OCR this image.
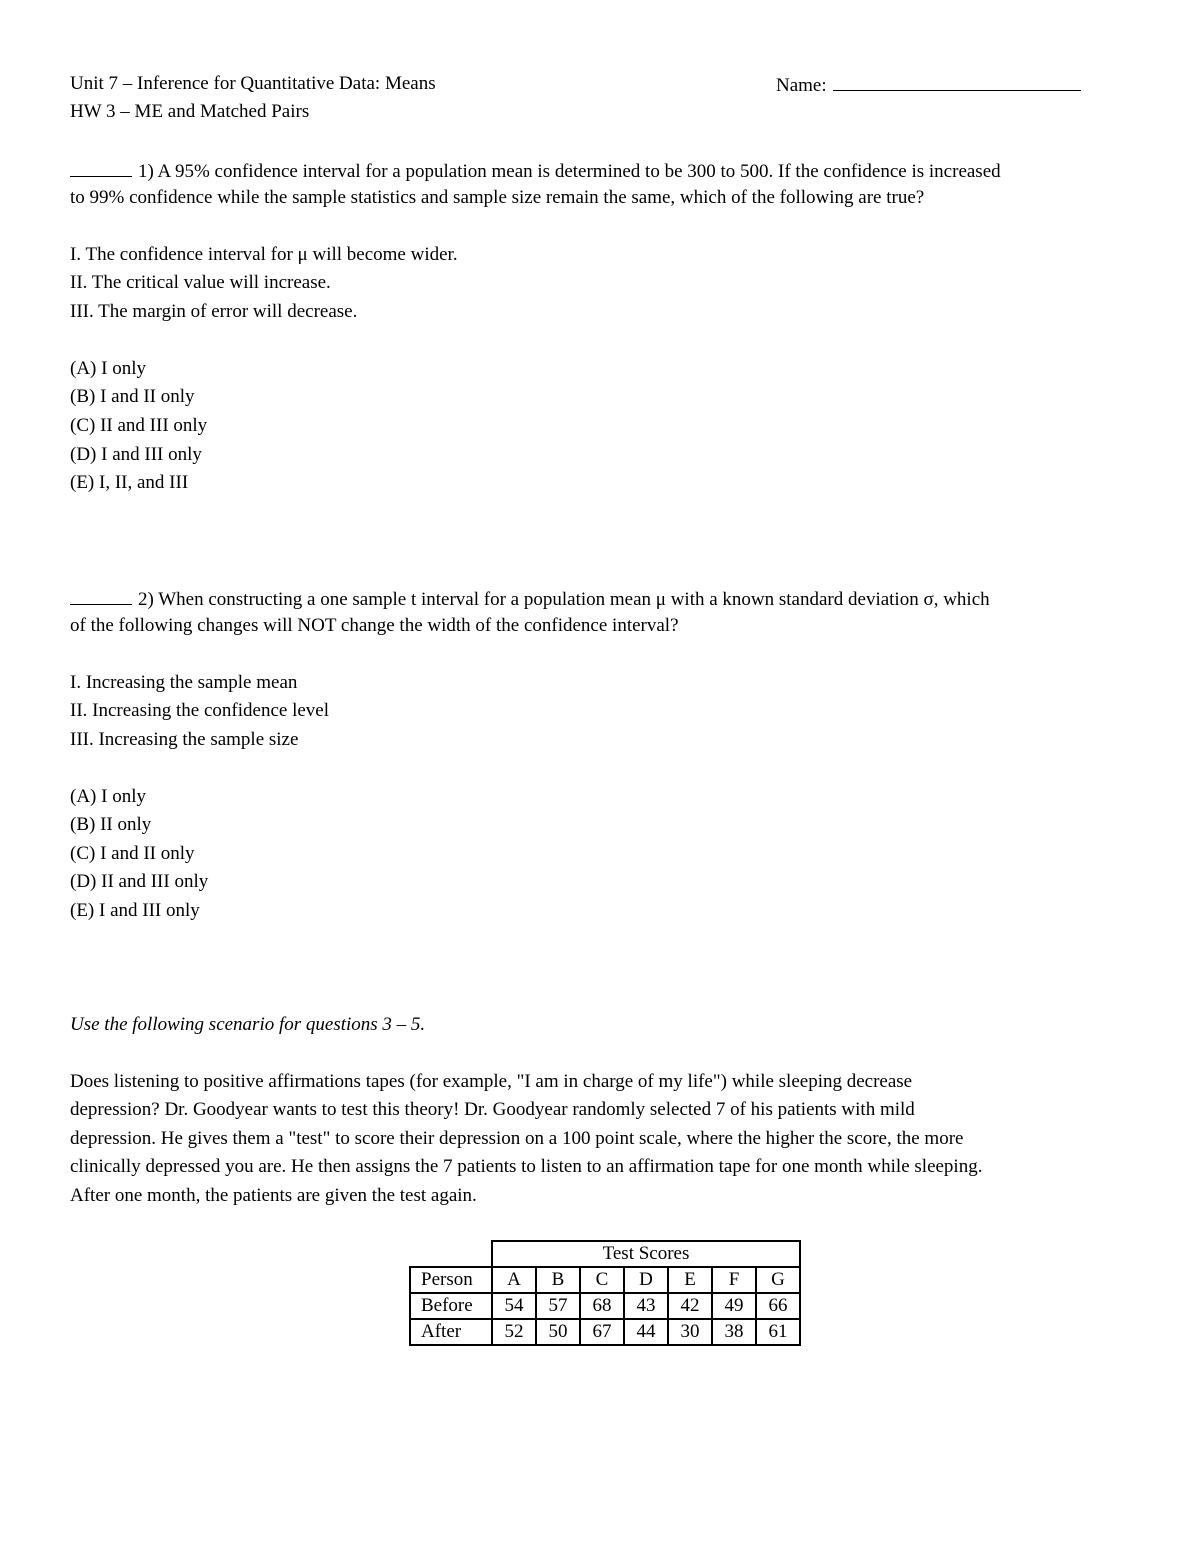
Unit 7 – Inference for Quantitative Data: Means
HW 3 – ME and Matched Pairs
Name:
1) A 95% confidence interval for a population mean is determined to be 300 to 500. If the confidence is increased
to 99% confidence while the sample statistics and sample size remain the same, which of the following are true?
I. The confidence interval for μ will become wider.
II. The critical value will increase.
III. The margin of error will decrease.
(A) I only
(B) I and II only
(C) II and III only
(D) I and III only
(E) I, II, and III
2) When constructing a one sample t interval for a population mean μ with a known standard deviation σ, which
of the following changes will NOT change the width of the confidence interval?
I. Increasing the sample mean
II. Increasing the confidence level
III. Increasing the sample size
(A) I only
(B) II only
(C) I and II only
(D) II and III only
(E) I and III only
Use the following scenario for questions 3 – 5.
Does listening to positive affirmations tapes (for example, "I am in charge of my life") while sleeping decrease
depression? Dr. Goodyear wants to test this theory! Dr. Goodyear randomly selected 7 of his patients with mild
depression. He gives them a "test" to score their depression on a 100 point scale, where the higher the score, the more
clinically depressed you are. He then assigns the 7 patients to listen to an affirmation tape for one month while sleeping.
After one month, the patients are given the test again.
	Test Scores						
Person	A	B	C	D	E	F	G
Before	54	57	68	43	42	49	66
After	52	50	67	44	30	38	61
